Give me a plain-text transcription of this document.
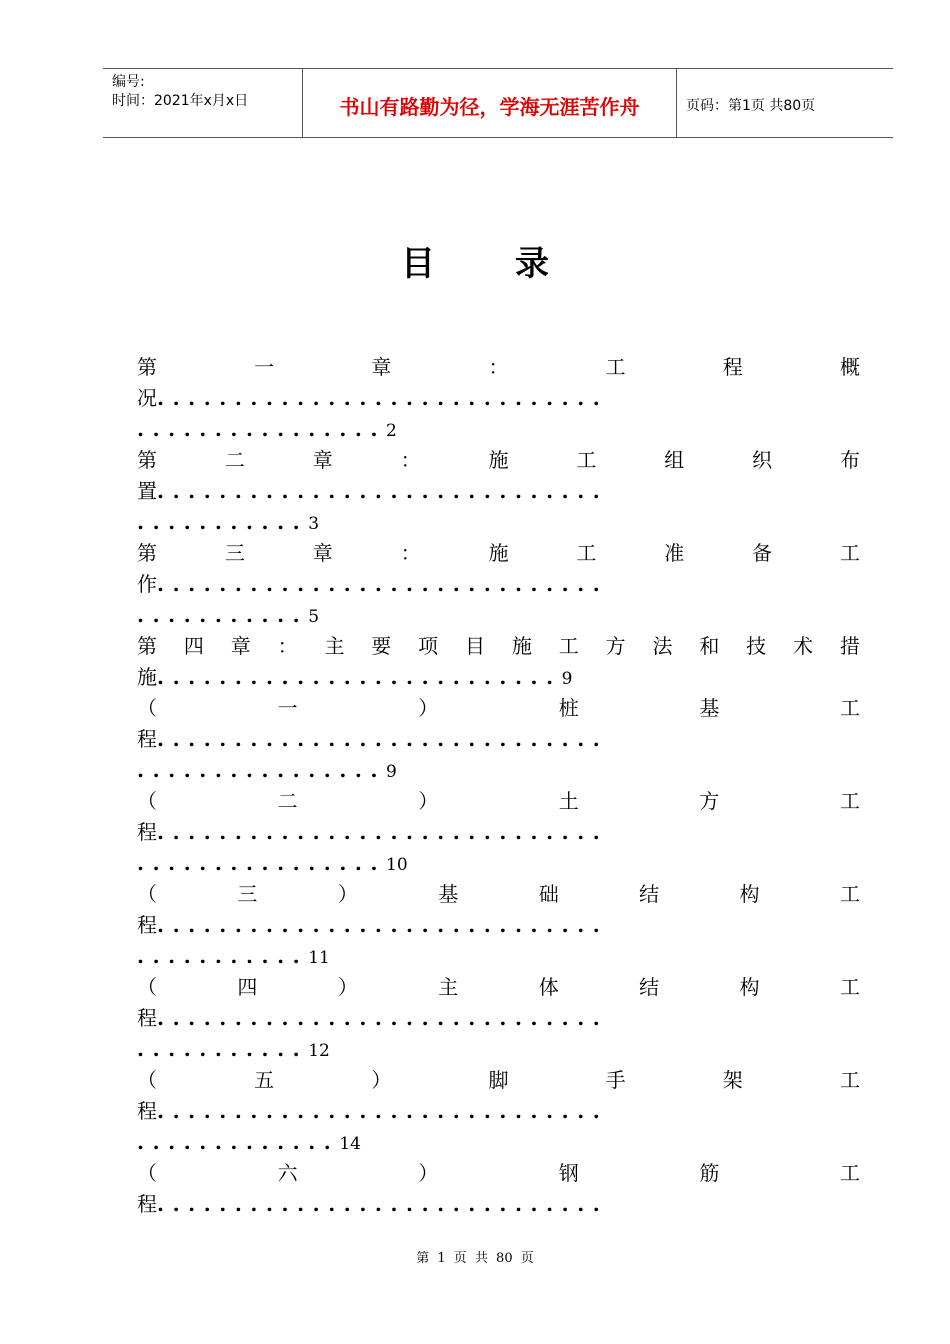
编号:
时间：2021年x月x日	书山有路勤为径，学海无涯苦作舟	页码：第1页 共80页
目 录
第	一	章	：	工	程	概
况.............................
................2
第	二	章	：	施	工	组	织	布
置.............................
...........3
第	三	章	：	施	工	准	备	工
作.............................
...........5
第 四 章 ： 主 要 项 目 施 工 方 法 和 技 术 措
施..........................9
（	一	）	桩	基	工
程.............................
................9
（	二	）	土	方	工
程.............................
................10
（	三	）	基	础	结	构	工
程.............................
...........11
（	四	）	主	体	结	构	工
程.............................
...........12
（	五	）	脚	手	架	工
程.............................
.............14
（	六	）	钢	筋	工
程.............................
第 1 页 共 80 页
